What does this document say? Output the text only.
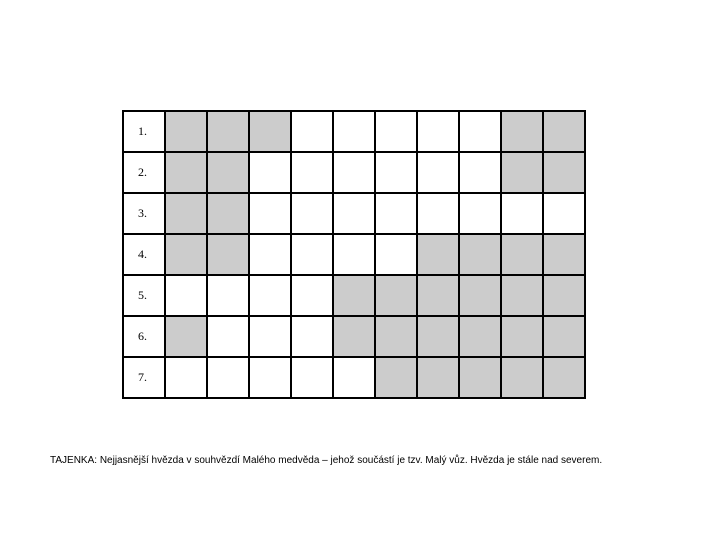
1.										
2.										
3.										
4.										
5.										
6.										
7.										
TAJENKA: Nejjasnější hvězda v souhvězdí Malého medvěda – jehož součástí je tzv. Malý vůz. Hvězda je stále nad severem.
